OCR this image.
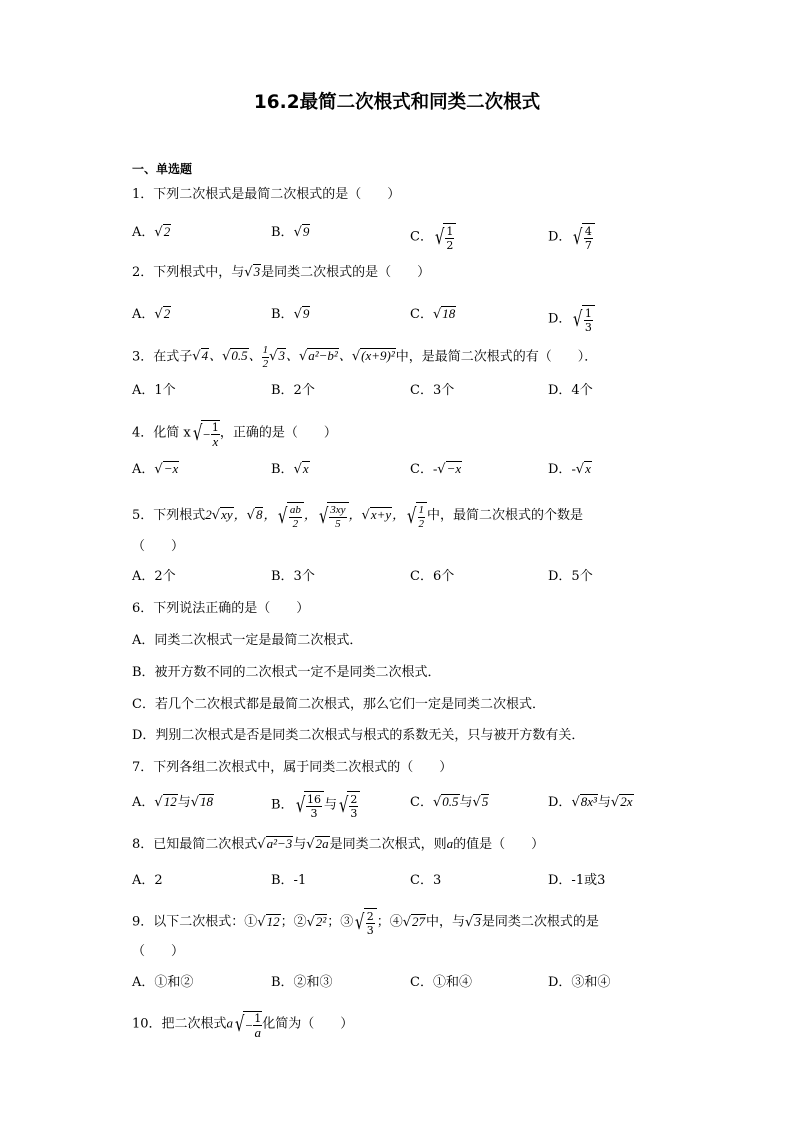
16.2最简二次根式和同类二次根式
一、单选题
1．下列二次根式是最简二次根式的是（　　）
A．√2	B．√9	C． √ $\frac{1}{2}$	D． √ $\frac{4}{7}$
2．下列根式中，与√3是同类二次根式的是（　　）
A．√2	B．√9	C．√18	D． √ $\frac{1}{3}$
3．在式子√4、√0.5、 $\frac{1}{2} √3$、√a²−b²、√(x+9)²中，是最简二次根式的有（　　）．
A．1个	B．2个	C．3个	D．4个
4．化简 x √ − 1
x
，正确的是（　　）
A．√−x	B．√x	C．-√−x	D．-√x
5．下列根式2√xy，√8， √ $\frac{ab}{2}$ ， √ $\frac{3xy}{5}$ ，√x+y， √ $\frac{1}{2}$ 中，最简二次根式的个数是
（　　）
A．2个	B．3个	C．6个	D．5个
6．下列说法正确的是（　　）
A．同类二次根式一定是最简二次根式．
B．被开方数不同的二次根式一定不是同类二次根式．
C．若几个二次根式都是最简二次根式，那么它们一定是同类二次根式．
D．判别二次根式是否是同类二次根式与根式的系数无关，只与被开方数有关．
7．下列各组二次根式中，属于同类二次根式的（　　）
A．√12与√18	B． √ $\frac{16}{3}$ 与 √ $\frac{2}{3}$	C．√0.5与√5	D．√8x³与√2x
8．已知最简二次根式√a²−3与√2a是同类二次根式，则a的值是（　　）
A．2	B．-1	C．3	D．-1或3
9．以下二次根式：①√12；②√2²；③ √ $\frac{2}{3}$ ；④√27中，与√3是同类二次根式的是
（　　）
A．①和②	B．②和③	C．①和④	D．③和④
10．把二次根式a √ − 1
a
化简为（　　）
